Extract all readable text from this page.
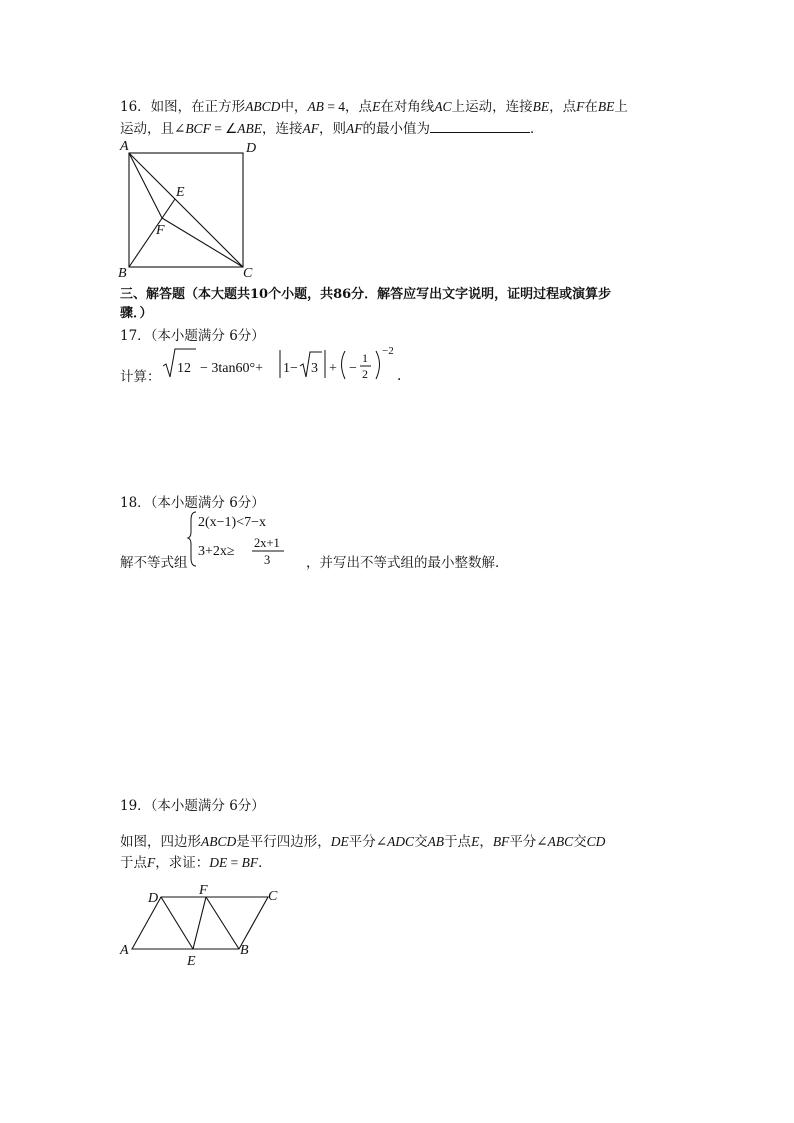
16．如图，在正方形ABCD中，AB = 4，点E在对角线AC上运动，连接BE，点F在BE上
运动，且∠BCF = ∠ABE，连接AF，则AF的最小值为	．
A	D
B	C
E
F
三、解答题（本大题共10个小题，共86分．解答应写出文字说明，证明过程或演算步
骤．）
17．（本小题满分 6分）
计算：
12 − 3tan60°+ 1− 3 + −
1
2
−2
．
18．（本小题满分 6分）
解不等式组
2(x−1)<7−x
3+2x≥
2x+1
3	，并写出不等式组的最小整数解．
19．（本小题满分 6分）
如图，四边形ABCD是平行四边形，DE平分∠ADC交AB于点E，BF平分∠ABC交CD
于点F，求证：DE = BF．
A
D
F	C
E
B
